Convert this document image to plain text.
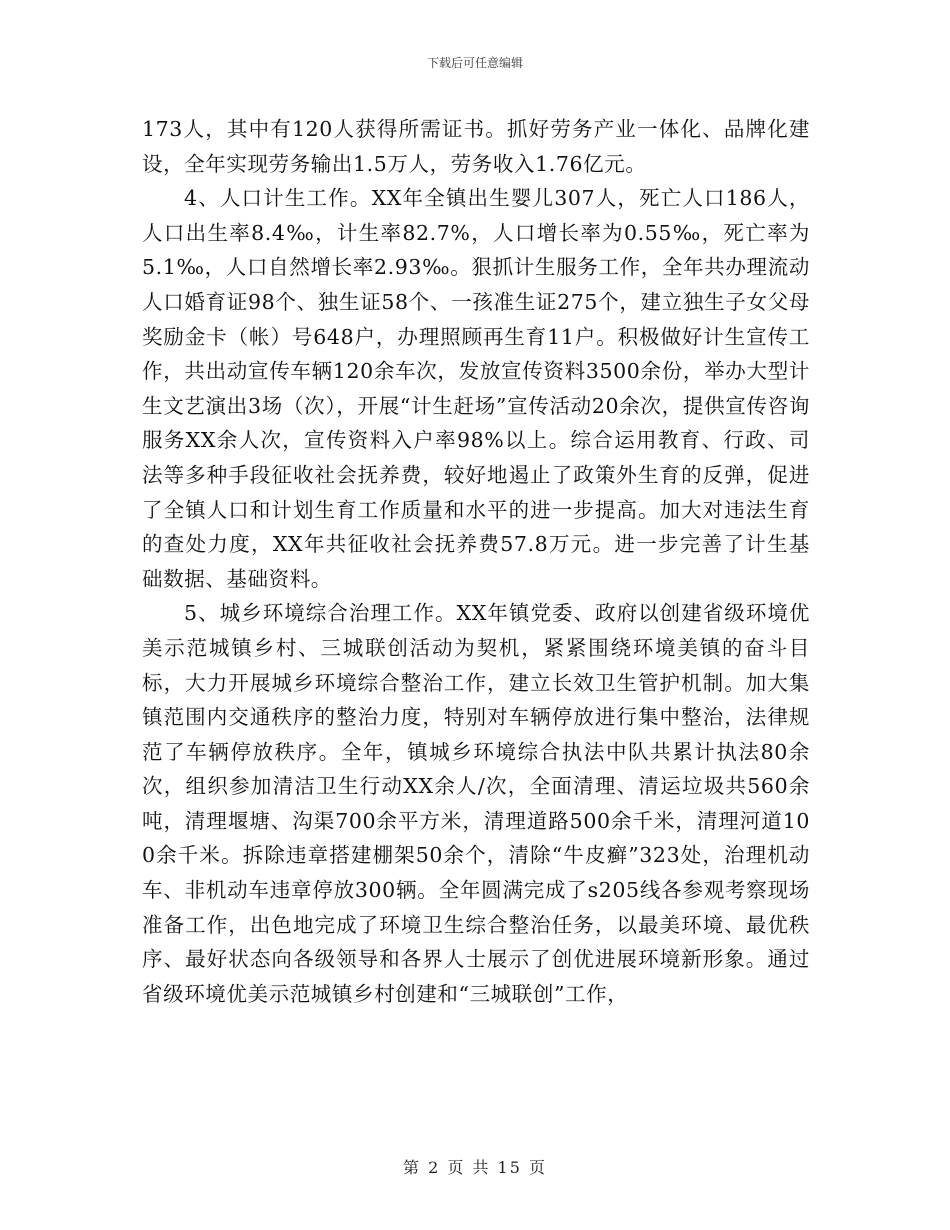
下载后可任意编辑

173人，其中有120人获得所需证书。抓好劳务产业一体化、品牌化建设，全年实现劳务输出1.5万人，劳务收入1.76亿元。

4、人口计生工作。XX年全镇出生婴儿307人，死亡人口186人，人口出生率8.4‰，计生率82.7%，人口增长率为0.55‰，死亡率为5.1‰，人口自然增长率2.93‰。狠抓计生服务工作，全年共办理流动人口婚育证98个、独生证58个、一孩准生证275个，建立独生子女父母奖励金卡（帐）号648户，办理照顾再生育11户。积极做好计生宣传工作，共出动宣传车辆120余车次，发放宣传资料3500余份，举办大型计生文艺演出3场（次），开展“计生赶场”宣传活动20余次，提供宣传咨询服务XX余人次，宣传资料入户率98%以上。综合运用教育、行政、司法等多种手段征收社会抚养费，较好地遏止了政策外生育的反弹，促进了全镇人口和计划生育工作质量和水平的进一步提高。加大对违法生育的查处力度，XX年共征收社会抚养费57.8万元。进一步完善了计生基础数据、基础资料。

5、城乡环境综合治理工作。XX年镇党委、政府以创建省级环境优美示范城镇乡村、三城联创活动为契机，紧紧围绕环境美镇的奋斗目标，大力开展城乡环境综合整治工作，建立长效卫生管护机制。加大集镇范围内交通秩序的整治力度，特别对车辆停放进行集中整治，法律规范了车辆停放秩序。全年，镇城乡环境综合执法中队共累计执法80余次，组织参加清洁卫生行动XX余人/次，全面清理、清运垃圾共560余吨，清理堰塘、沟渠700余平方米，清理道路500余千米，清理河道100余千米。拆除违章搭建棚架50余个，清除“牛皮癣”323处，治理机动车、非机动车违章停放300辆。全年圆满完成了s205线各参观考察现场准备工作，出色地完成了环境卫生综合整治任务，以最美环境、最优秩序、最好状态向各级领导和各界人士展示了创优进展环境新形象。通过省级环境优美示范城镇乡村创建和“三城联创”工作，

第 2 页 共 15 页
